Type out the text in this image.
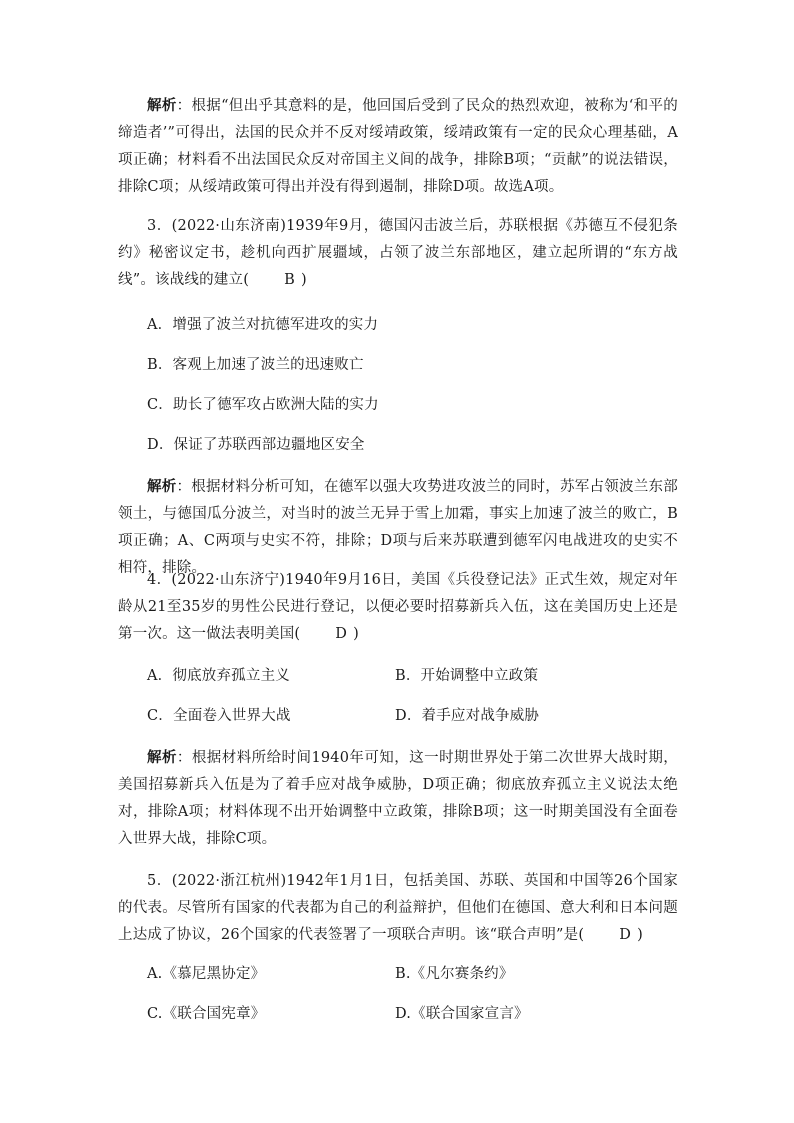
解析：根据“但出乎其意料的是，他回国后受到了民众的热烈欢迎，被称为‘和平的缔造者’”可得出，法国的民众并不反对绥靖政策，绥靖政策有一定的民众心理基础，A项正确；材料看不出法国民众反对帝国主义间的战争，排除B项；“贡献”的说法错误，排除C项；从绥靖政策可得出并没有得到遏制，排除D项。故选A项。
3．(2022·山东济南)1939年9月，德国闪击波兰后，苏联根据《苏德互不侵犯条约》秘密议定书，趁机向西扩展疆域，占领了波兰东部地区，建立起所谓的“东方战线”。该战线的建立( B )
A．增强了波兰对抗德军进攻的实力
B．客观上加速了波兰的迅速败亡
C．助长了德军攻占欧洲大陆的实力
D．保证了苏联西部边疆地区安全
解析：根据材料分析可知，在德军以强大攻势进攻波兰的同时，苏军占领波兰东部领土，与德国瓜分波兰，对当时的波兰无异于雪上加霜，事实上加速了波兰的败亡，B项正确；A、C两项与史实不符，排除；D项与后来苏联遭到德军闪电战进攻的史实不相符，排除。
4．(2022·山东济宁)1940年9月16日，美国《兵役登记法》正式生效，规定对年龄从21至35岁的男性公民进行登记，以便必要时招募新兵入伍，这在美国历史上还是第一次。这一做法表明美国( D )
A．彻底放弃孤立主义	B．开始调整中立政策
C．全面卷入世界大战	D．着手应对战争威胁
解析：根据材料所给时间1940年可知，这一时期世界处于第二次世界大战时期，美国招募新兵入伍是为了着手应对战争威胁，D项正确；彻底放弃孤立主义说法太绝对，排除A项；材料体现不出开始调整中立政策，排除B项；这一时期美国没有全面卷入世界大战，排除C项。
5．(2022·浙江杭州)1942年1月1日，包括美国、苏联、英国和中国等26个国家的代表。尽管所有国家的代表都为自己的利益辩护，但他们在德国、意大利和日本问题上达成了协议，26个国家的代表签署了一项联合声明。该“联合声明”是( D )
A.《慕尼黑协定》	B.《凡尔赛条约》
C.《联合国宪章》	D.《联合国家宣言》
